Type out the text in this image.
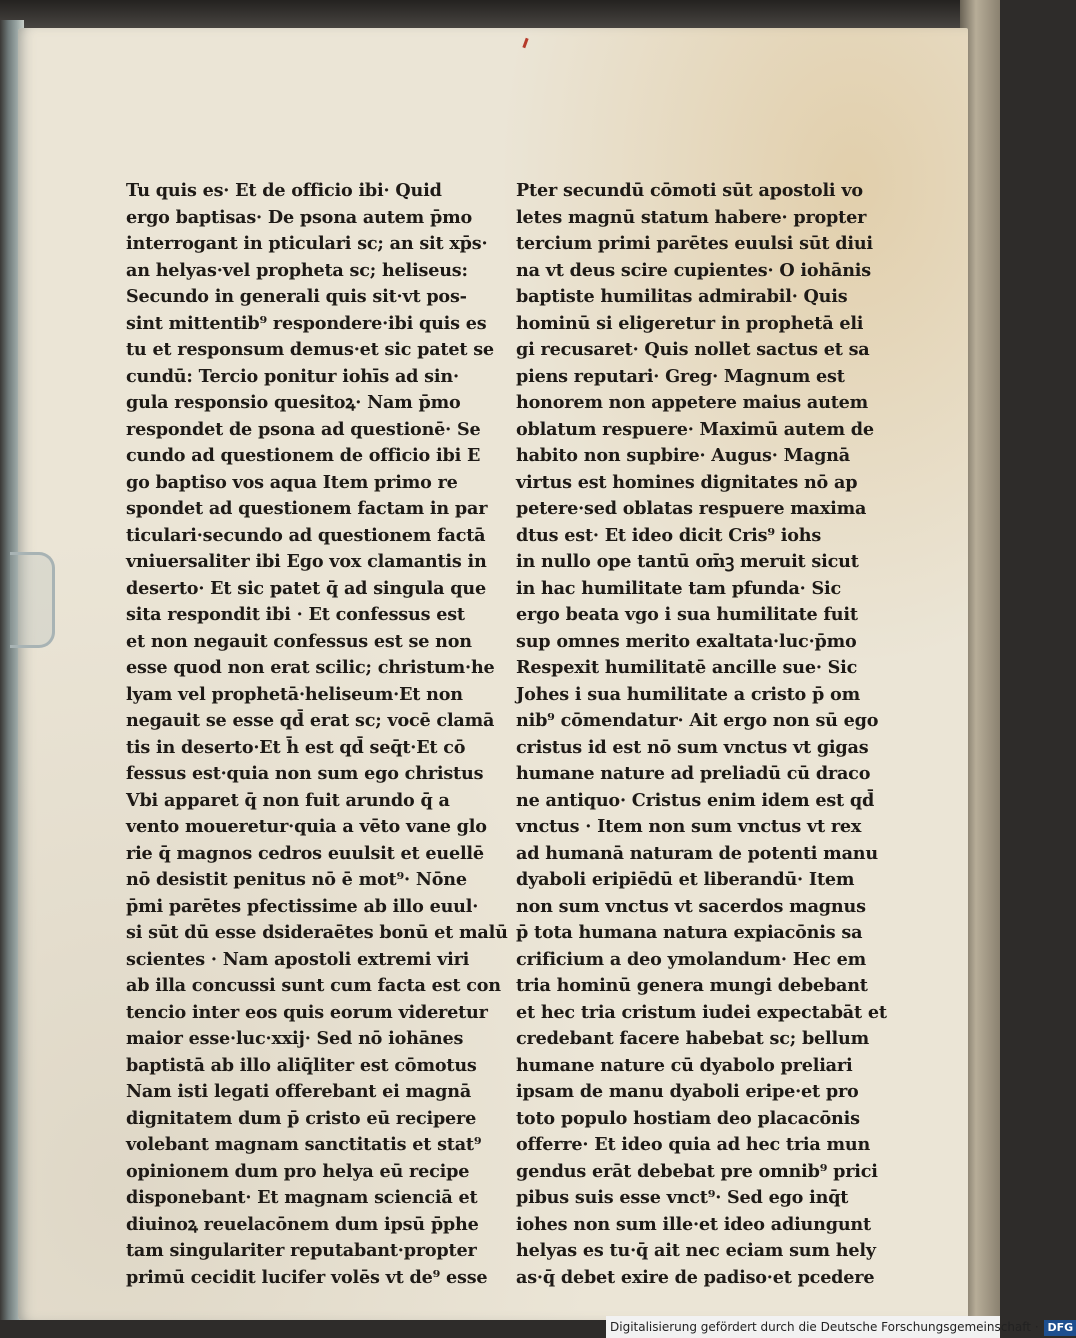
Tu quis es· Et de officio ibi· Quid
ergo baptisas· De psona autem p̄mo
interrogant in pticulari sc; an sit xp̄s·
an helyas·vel propheta sc; heliseus:
Secundo in generali quis sit·vt pos-
sint mittentib⁹ respondere·ibi quis es
tu et responsum demus·et sic patet se
cundū: Tercio ponitur iohīs ad sin·
gula responsio quesitoꝝ· Nam p̄mo
respondet de psona ad questionē· Se
cundo ad questionem de officio ibi E
go baptiso vos aqua Item primo re
spondet ad questionem factam in par
ticulari·secundo ad questionem factā
vniuersaliter ibi Ego vox clamantis in
deserto· Et sic patet q̄ ad singula que
sita respondit ibi · Et confessus est
et non negauit confessus est se non
esse quod non erat scilic; christum·he
lyam vel prophetā·heliseum·Et non
negauit se esse qd̄ erat sc; vocē clamā
tis in deserto·Et h̄ est qd̄ seq̄t·Et cō
fessus est·quia non sum ego christus
Vbi apparet q̄ non fuit arundo q̄ a
vento moueretur·quia a vēto vane glo
rie q̄ magnos cedros euulsit et euellē
nō desistit penitus nō ē mot⁹· Nōne
p̄mi parētes pfectissime ab illo euul·
si sūt dū esse dsideraētes bonū et malū
scientes · Nam apostoli extremi viri
ab illa concussi sunt cum facta est con
tencio inter eos quis eorum videretur
maior esse·luc·xxij· Sed nō iohānes
baptistā ab illo aliq̄liter est cōmotus
Nam isti legati offerebant ei magnā
dignitatem dum p̄ cristo eū recipere
volebant magnam sanctitatis et stat⁹
opinionem dum pro helya eū recipe
disponebant· Et magnam scienciā et
diuinoꝝ reuelacōnem dum ipsū p̄phe
tam singulariter reputabant·propter
primū cecidit lucifer volēs vt de⁹ esse
Pter secundū cōmoti sūt apostoli vo
letes magnū statum habere· propter
tercium primi parētes euulsi sūt diui
na vt deus scire cupientes· O iohānis
baptiste humilitas admirabil· Quis
hominū si eligeretur in prophetā eli
gi recusaret· Quis nollet sactus et sa
piens reputari· Greg· Magnum est
honorem non appetere maius autem
oblatum respuere· Maximū autem de
habito non supbire· Augus· Magnā
virtus est homines dignitates nō ap
petere·sed oblatas respuere maxima
dtus est· Et ideo dicit Cris⁹ iohs
in nullo ope tantū om̄ꝫ meruit sicut
in hac humilitate tam pfunda· Sic
ergo beata vgo i sua humilitate fuit
sup omnes merito exaltata·luc·p̄mo
Respexit humilitatē ancille sue· Sic
Johes i sua humilitate a cristo p̄ om
nib⁹ cōmendatur· Ait ergo non sū ego
cristus id est nō sum vnctus vt gigas
humane nature ad preliadū cū draco
ne antiquo· Cristus enim idem est qd̄
vnctus · Item non sum vnctus vt rex
ad humanā naturam de potenti manu
dyaboli eripiēdū et liberandū· Item
non sum vnctus vt sacerdos magnus
p̄ tota humana natura expiacōnis sa
crificium a deo ymolandum· Hec em
tria hominū genera mungi debebant
et hec tria cristum iudei expectabāt et
credebant facere habebat sc; bellum
humane nature cū dyabolo preliari
ipsam de manu dyaboli eripe·et pro
toto populo hostiam deo placacōnis
offerre· Et ideo quia ad hec tria mun
gendus erāt debebat pre omnib⁹ prici
pibus suis esse vnct⁹· Sed ego inq̄t
iohes non sum ille·et ideo adiungunt
helyas es tu·q̄ ait nec eciam sum hely
as·q̄ debet exire de padiso·et pcedere
Digitalisierung gefördert durch die Deutsche Forschungsgemeinschaft · DFG
